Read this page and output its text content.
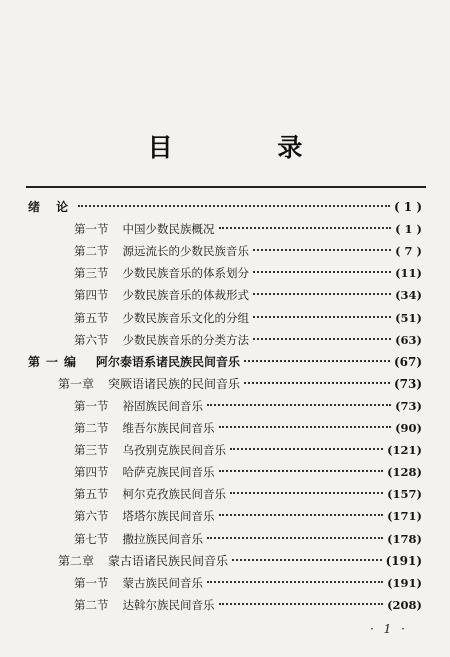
目 录
绪 论	( 1 )
第一节 中国少数民族概况	( 1 )
第二节 源远流长的少数民族音乐	( 7 )
第三节 少数民族音乐的体系划分	(11)
第四节 少数民族音乐的体裁形式	(34)
第五节 少数民族音乐文化的分组	(51)
第六节 少数民族音乐的分类方法	(63)
第一编 阿尔泰语系诸民族民间音乐	(67)
第一章 突厥语诸民族的民间音乐	(73)
第一节 裕固族民间音乐	(73)
第二节 维吾尔族民间音乐	(90)
第三节 乌孜别克族民间音乐	(121)
第四节 哈萨克族民间音乐	(128)
第五节 柯尔克孜族民间音乐	(157)
第六节 塔塔尔族民间音乐	(171)
第七节 撒拉族民间音乐	(178)
第二章 蒙古语诸民族民间音乐	(191)
第一节 蒙古族民间音乐	(191)
第二节 达斡尔族民间音乐	(208)
· 1 ·
